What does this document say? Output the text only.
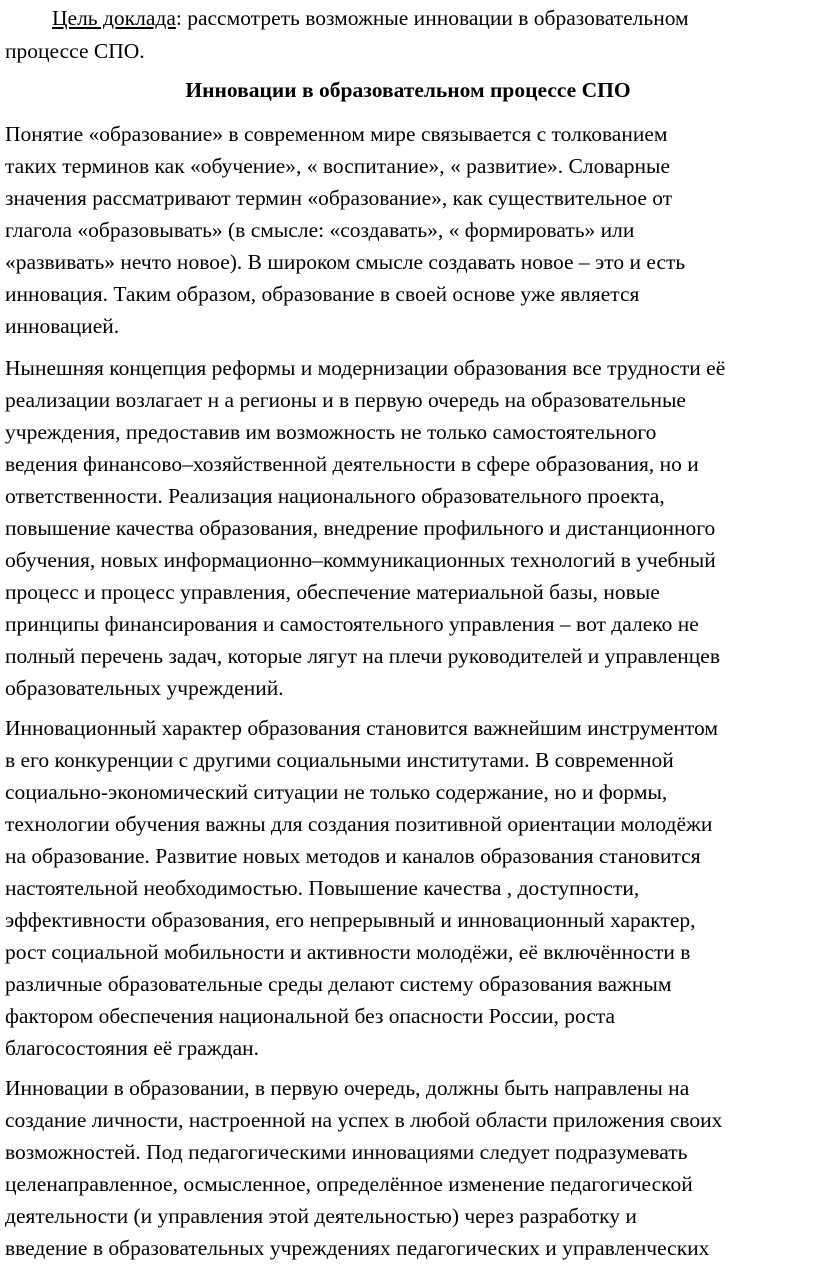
Цель доклада: рассмотреть возможные инновации в образовательном
процессе СПО.
Инновации в образовательном процессе СПО
Понятие «образование» в современном мире связывается с толкованием
таких терминов как «обучение», « воспитание», « развитие». Словарные
значения рассматривают термин «образование», как существительное от
глагола «образовывать» (в смысле: «создавать», « формировать» или
«развивать» нечто новое). В широком смысле создавать новое – это и есть
инновация. Таким образом, образование в своей основе уже является
инновацией.
Нынешняя концепция реформы и модернизации образования все трудности её
реализации возлагает н а регионы и в первую очередь на образовательные
учреждения, предоставив им возможность не только самостоятельного
ведения финансово–хозяйственной деятельности в сфере образования, но и
ответственности. Реализация национального образовательного проекта,
повышение качества образования, внедрение профильного и дистанционного
обучения, новых информационно–коммуникационных технологий в учебный
процесс и процесс управления, обеспечение материальной базы, новые
принципы финансирования и самостоятельного управления – вот далеко не
полный перечень задач, которые лягут на плечи руководителей и управленцев
образовательных учреждений.
Инновационный характер образования становится важнейшим инструментом
в его конкуренции с другими социальными институтами. В современной
социально-экономический ситуации не только содержание, но и формы,
технологии обучения важны для создания позитивной ориентации молодёжи
на образование. Развитие новых методов и каналов образования становится
настоятельной необходимостью. Повышение качества , доступности,
эффективности образования, его непрерывный и инновационный характер,
рост социальной мобильности и активности молодёжи, её включённости в
различные образовательные среды делают систему образования важным
фактором обеспечения национальной без опасности России, роста
благосостояния её граждан.
Инновации в образовании, в первую очередь, должны быть направлены на
создание личности, настроенной на успех в любой области приложения своих
возможностей. Под педагогическими инновациями следует подразумевать
целенаправленное, осмысленное, определённое изменение педагогической
деятельности (и управления этой деятельностью) через разработку и
введение в образовательных учреждениях педагогических и управленческих
